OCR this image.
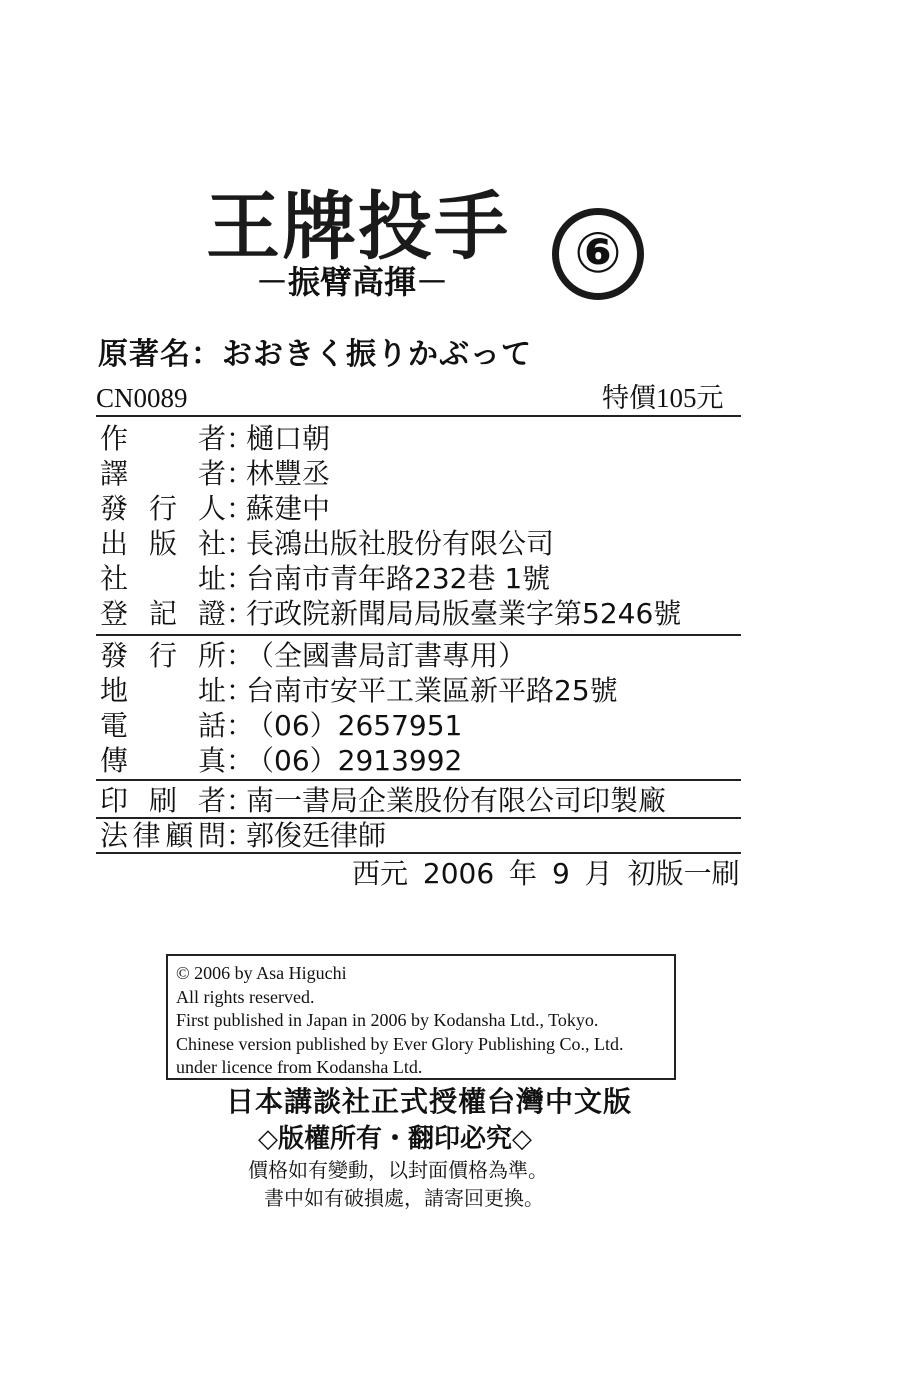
王牌投手	⑥
－振臂高揮－
原著名：おおきく振りかぶって
CN0089	特價105元
作者：樋口朝
譯者：林豐丞
發行人：蘇建中
出版社：長鴻出版社股份有限公司
社址：台南市青年路232巷 1號
登記證：行政院新聞局局版臺業字第5246號
發行所：（全國書局訂書專用）
地址：台南市安平工業區新平路25號
電話：（06）2657951
傳真：（06）2913992
印刷者：南一書局企業股份有限公司印製廠
法律顧問：郭俊廷律師
西元 2006 年 9 月 初版一刷
© 2006 by Asa Higuchi
All rights reserved.
First published in Japan in 2006 by Kodansha Ltd., Tokyo.
Chinese version published by Ever Glory Publishing Co., Ltd.
under licence from Kodansha Ltd.
日本講談社正式授權台灣中文版
◇版權所有・翻印必究◇
價格如有變動，以封面價格為準。
書中如有破損處，請寄回更換。
